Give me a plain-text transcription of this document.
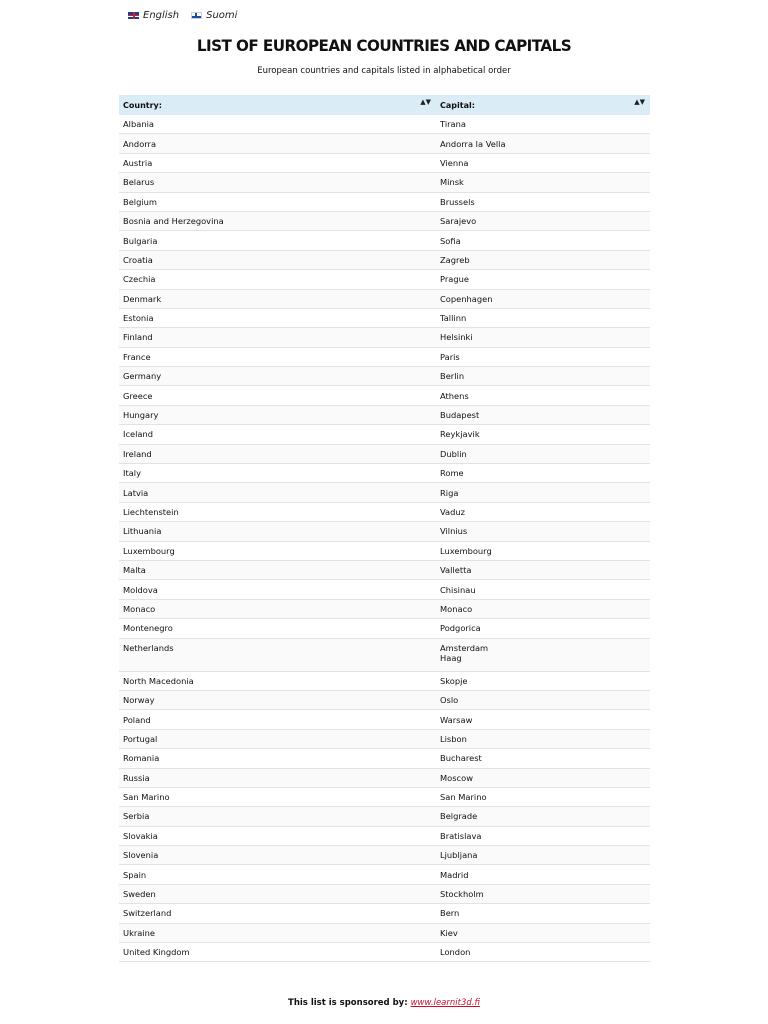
English	Suomi
LIST OF EUROPEAN COUNTRIES AND CAPITALS

European countries and capitals listed in alphabetical order

Country: ▲▼	Capital: ▲▼

Albania	Tirana

Andorra	Andorra la Vella

Austria	Vienna

Belarus	Minsk

Belgium	Brussels

Bosnia and Herzegovina	Sarajevo

Bulgaria	Sofia

Croatia	Zagreb

Czechia	Prague

Denmark	Copenhagen

Estonia	Tallinn

Finland	Helsinki

France	Paris

Germany	Berlin

Greece	Athens

Hungary	Budapest

Iceland	Reykjavik

Ireland	Dublin

Italy	Rome

Latvia	Riga

Liechtenstein	Vaduz

Lithuania	Vilnius

Luxembourg	Luxembourg

Malta	Valletta

Moldova	Chisinau

Monaco	Monaco

Montenegro	Podgorica

Netherlands	Amsterdam
Haag

North Macedonia	Skopje

Norway	Oslo

Poland	Warsaw

Portugal	Lisbon

Romania	Bucharest

Russia	Moscow

San Marino	San Marino

Serbia	Belgrade

Slovakia	Bratislava

Slovenia	Ljubljana

Spain	Madrid

Sweden	Stockholm

Switzerland	Bern

Ukraine	Kiev

United Kingdom	London
This list is sponsored by: www.learnit3d.fi
